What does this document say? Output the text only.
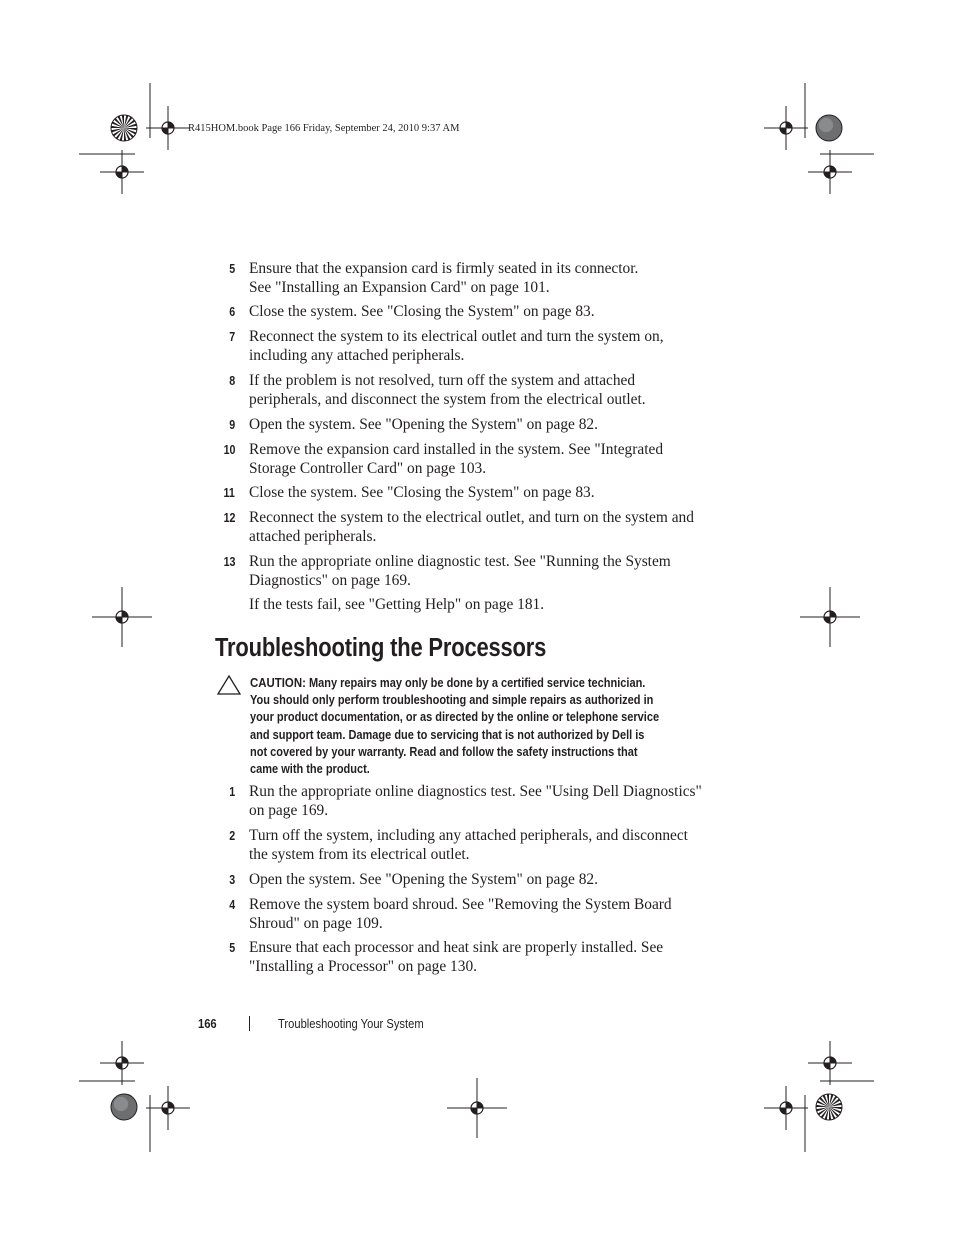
R415HOM.book Page 166 Friday, September 24, 2010 9:37 AM
5 Ensure that the expansion card is firmly seated in its connector.
See "Installing an Expansion Card" on page 101.
6 Close the system. See "Closing the System" on page 83.
7 Reconnect the system to its electrical outlet and turn the system on,
including any attached peripherals.
8 If the problem is not resolved, turn off the system and attached
peripherals, and disconnect the system from the electrical outlet.
9 Open the system. See "Opening the System" on page 82.
10 Remove the expansion card installed in the system. See "Integrated
Storage Controller Card" on page 103.
11 Close the system. See "Closing the System" on page 83.
12 Reconnect the system to the electrical outlet, and turn on the system and
attached peripherals.
13 Run the appropriate online diagnostic test. See "Running the System
Diagnostics" on page 169.
If the tests fail, see "Getting Help" on page 181.
Troubleshooting the Processors
CAUTION: Many repairs may only be done by a certified service technician.
You should only perform troubleshooting and simple repairs as authorized in
your product documentation, or as directed by the online or telephone service
and support team. Damage due to servicing that is not authorized by Dell is
not covered by your warranty. Read and follow the safety instructions that
came with the product.
1 Run the appropriate online diagnostics test. See "Using Dell Diagnostics"
on page 169.
2 Turn off the system, including any attached peripherals, and disconnect
the system from its electrical outlet.
3 Open the system. See "Opening the System" on page 82.
4 Remove the system board shroud. See "Removing the System Board
Shroud" on page 109.
5 Ensure that each processor and heat sink are properly installed. See
"Installing a Processor" on page 130.
166	Troubleshooting Your System
